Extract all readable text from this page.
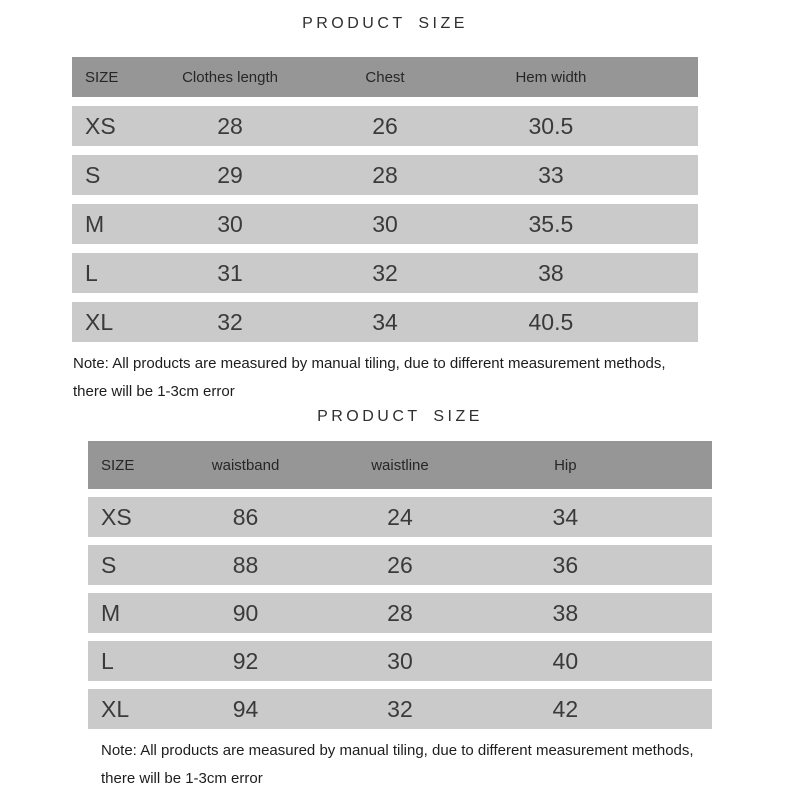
PRODUCT SIZE
SIZE	Clothes length	Chest	Hem width
XS	28	26	30.5
S	29	28	33
M	30	30	35.5
L	31	32	38
XL	32	34	40.5
Note: All products are measured by manual tiling, due to different measurement methods,
there will be 1-3cm error
PRODUCT SIZE
SIZE	waistband	waistline	Hip
XS	86	24	34
S	88	26	36
M	90	28	38
L	92	30	40
XL	94	32	42
Note: All products are measured by manual tiling, due to different measurement methods,
there will be 1-3cm error
